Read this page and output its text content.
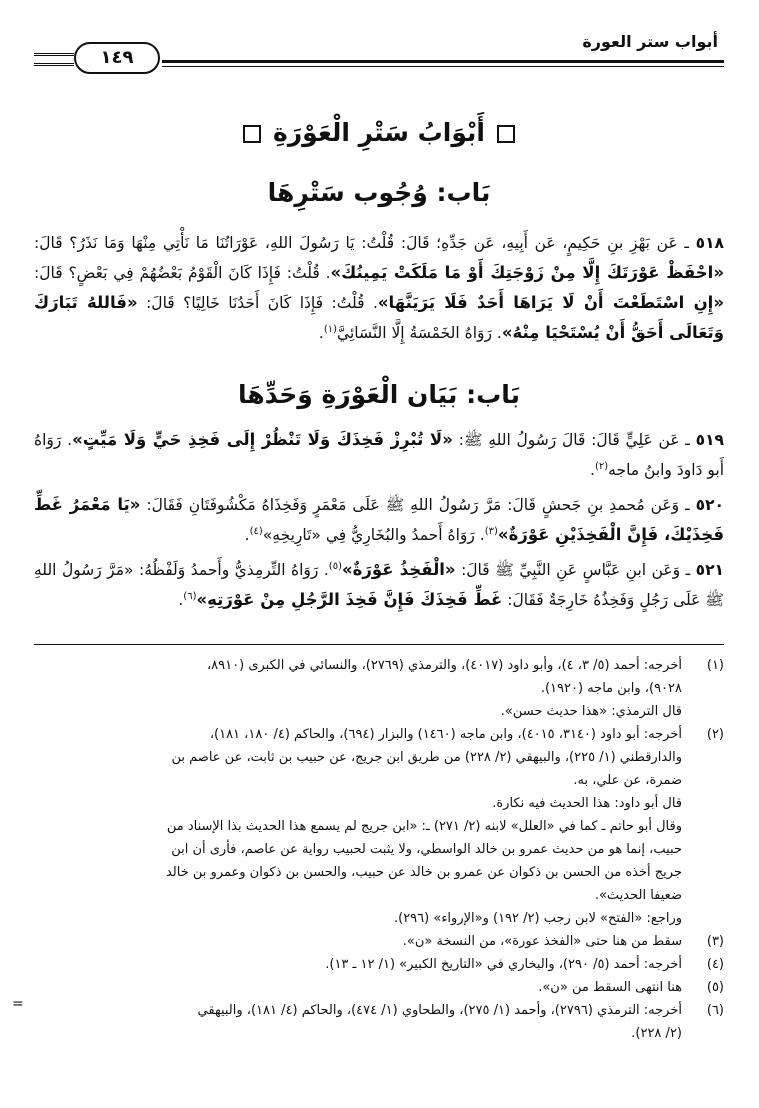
أبواب ستر العورة
١٤٩
أَبْوَابُ سَتْرِ الْعَوْرَةِ
بَاب: وُجُوب سَتْرِهَا

٥١٨ ـ عَن بَهْزِ بنِ حَكِيمٍ، عَن أَبِيهِ، عَن جَدِّهِ؛ قَالَ: قُلْتُ: يَا رَسُولَ اللهِ، عَوْرَاتُنَا مَا نَأْتِي مِنْهَا وَمَا نَذَرُ؟ قَالَ: «احْفَظْ عَوْرَتَكَ إِلَّا مِنْ زَوْجَتِكَ أَوْ مَا مَلَكَتْ يَمِينُكَ». قُلْتُ: فَإِذَا كَانَ الْقَوْمُ بَعْضُهُمْ فِي بَعْضٍ؟ قَالَ: «إِنِ اسْتَطَعْتَ أَنْ لَا يَرَاهَا أَحَدٌ فَلَا يَرَيَنَّهَا». قُلْتُ: فَإِذَا كَانَ أَحَدُنَا خَالِيًا؟ قَالَ: «فَاللهُ تَبَارَكَ وَتَعَالَى أَحَقُّ أَنْ يُسْتَحْيَا مِنْهُ». رَوَاهُ الخَمْسَةُ إِلَّا النَّسَائِيَّ$^{(١)}$.

بَاب: بَيَان الْعَوْرَةِ وَحَدِّهَا

٥١٩ ـ عَن عَلِيٍّ قَالَ: قَالَ رَسُولُ اللهِ ﷺ: «لَا تُبْرِزْ فَخِذَكَ وَلَا تَنْظُرْ إِلَى فَخِذِ حَيٍّ وَلَا مَيِّتٍ». رَوَاهُ أَبو دَاودَ وابنُ ماجه$^{(٢)}$.

٥٢٠ ـ وَعَن مُحمدِ بنِ جَحشٍ قَالَ: مَرَّ رَسُولُ اللهِ ﷺ عَلَى مَعْمَرٍ وَفَخِذَاهُ مَكْشُوفَتَانِ فَقَالَ: «يَا مَعْمَرُ غَطِّ فَخِذَيْكَ، فَإِنَّ الْفَخِذَيْنِ عَوْرَةٌ»$^{(٣)}$. رَوَاهُ أَحمدُ والبُخَارِيُّ فِي «تَارِيخِهِ»$^{(٤)}$.

٥٢١ ـ وَعَن ابنِ عَبَّاسٍ عَنِ النَّبِيِّ ﷺ قَالَ: «الْفَخِذُ عَوْرَةٌ»$^{(٥)}$. رَوَاهُ التِّرمِذيُّ وأَحمدُ وَلَفْظُهُ: «مَرَّ رَسُولُ اللهِ ﷺ عَلَى رَجُلٍ وَفَخِذُهُ خَارِجَةٌ فَقَالَ: غَطِّ فَخِذَكَ فَإِنَّ فَخِذَ الرَّجُلِ مِنْ عَوْرَتِهِ»$^{(٦)}$.

(١)
أخرجه: أحمد (٥/ ٣، ٤)، وأبو داود (٤٠١٧)، والترمذي (٢٧٦٩)، والنسائي في الكبرى (٨٩١٠،
٩٠٢٨)، وابن ماجه (١٩٢٠).
قال الترمذي: «هذا حديث حسن».
(٢)
أخرجه: أبو داود (٣١٤٠، ٤٠١٥)، وابن ماجه (١٤٦٠) والبزار (٦٩٤)، والحاكم (٤/ ١٨٠، ١٨١)،
والدارقطني (١/ ٢٢٥)، والبيهقي (٢/ ٢٢٨) من طريق ابن جريج، عن حبيب بن ثابت، عن عاصم بن
ضمرة، عن علي، به.
قال أبو داود: هذا الحديث فيه نكارة.
وقال أبو حاتم ـ كما في «العلل» لابنه (٢/ ٢٧١) ـ: «ابن جريج لم يسمع هذا الحديث بذا الإسناد من
حبيب، إنما هو من حديث عمرو بن خالد الواسطي، ولا يثبت لحبيب رواية عن عاصم، فأرى أن ابن
جريج أخذه من الحسن بن ذكوان عن عمرو بن خالد عن حبيب، والحسن بن ذكوان وعمرو بن خالد
ضعيفا الحديث».
وراجع: «الفتح» لابن رجب (٢/ ١٩٢) و«الإرواء» (٢٩٦).
(٣)
سقط من هنا حتى «الفخذ عورة»، من النسخة «ن».
(٤)
أخرجه: أحمد (٥/ ٢٩٠)، والبخاري في «التاريخ الكبير» (١/ ١٢ ـ ١٣).
(٥)
هنا انتهى السقط من «ن».
(٦)
أخرجه: الترمذي (٢٧٩٦)، وأحمد (١/ ٢٧٥)، والطحاوي (١/ ٤٧٤)، والحاكم (٤/ ١٨١)، والبيهقي
(٢/ ٢٢٨).
=
